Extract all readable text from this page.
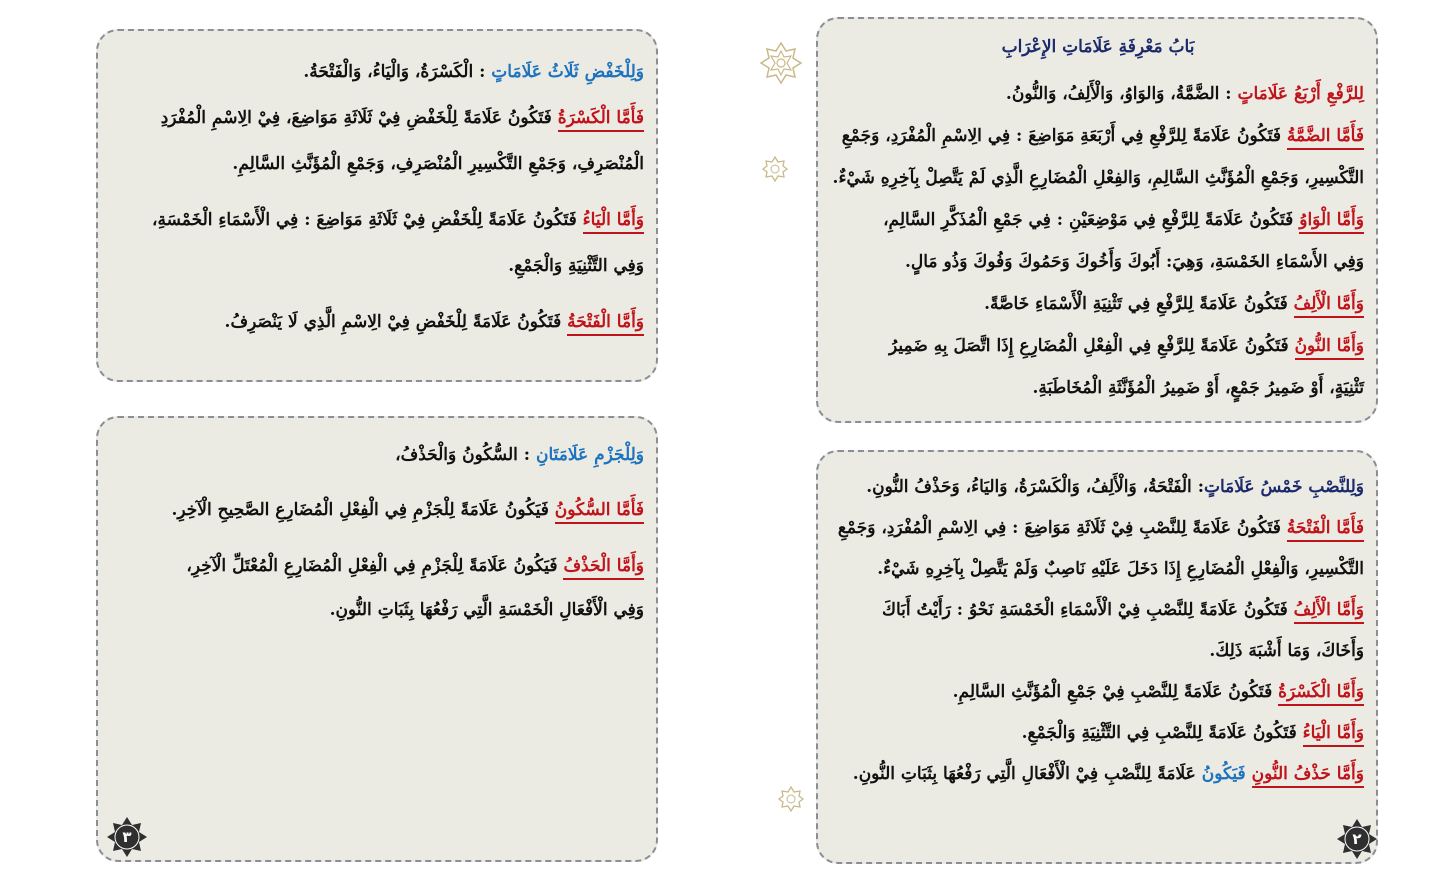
بَابُ مَعْرِفَةِ عَلَامَاتِ الإِعْرَابِ
لِلرَّفْعِ أَرْبَعُ عَلَامَاتٍ : الضَّمَّةُ، وَالوَاوُ، وَالْأَلِفُ، وَالنُّونُ.
فَأَمَّا الضَّمَّةُ فَتَكُونُ عَلَامَةً لِلرَّفْعِ فِي أَرْبَعَةِ مَوَاضِعَ : فِي الِاسْمِ الْمُفْرَدِ، وَجَمْعِ
التَّكْسِيرِ، وَجَمْعِ الْمُؤَنَّثِ السَّالِمِ، وَالفِعْلِ الْمُضَارِعِ الَّذِي لَمْ يَتَّصِلْ بِآخِرِهِ شَيْءٌ.
وَأَمَّا الْوَاوُ فَتَكُونُ عَلَامَةً لِلرَّفْعِ فِي مَوْضِعَيْنِ : فِي جَمْعِ الْمُذَكَّرِ السَّالِمِ،
وَفِي الأَسْمَاءِ الخَمْسَةِ، وَهِيَ: أَبُوكَ وَأَخُوكَ وَحَمُوكَ وَفُوكَ وَذُو مَالٍ.
وَأَمَّا الْأَلِفُ فَتَكُونُ عَلَامَةً لِلرَّفْعِ فِي تَثْنِيَةِ الْأَسْمَاءِ خَاصَّةً.
وَأَمَّا النُّونُ فَتَكُونُ عَلَامَةً لِلرَّفْعِ فِي الْفِعْلِ الْمُضَارِعِ إِذَا اتَّصَلَ بِهِ ضَمِيرُ
تَثْنِيَةٍ، أَوْ ضَمِيرُ جَمْعٍ، أَوْ ضَمِيرُ الْمُؤَنَّثَةِ الْمُخَاطَبَةِ.
وَلِلنَّصْبِ خَمْسُ عَلَامَاتٍ: الْفَتْحَةُ، وَالْأَلِفُ، وَالْكَسْرَةُ، وَاليَاءُ، وَحَذْفُ النُّونِ.
فَأَمَّا الْفَتْحَةُ فَتَكُونُ عَلَامَةً لِلنَّصْبِ فِيْ ثَلَاثَةِ مَوَاضِعَ : فِي الِاسْمِ الْمُفْرَدِ، وَجَمْعِ
التَّكْسِيرِ، وَالْفِعْلِ الْمُضَارِعِ إِذَا دَخَلَ عَلَيْهِ نَاصِبٌ وَلَمْ يَتَّصِلْ بِآخِرِهِ شَيْءٌ.
وَأَمَّا الْأَلِفُ فَتَكُونُ عَلَامَةً لِلنَّصْبِ فِيْ الْأَسْمَاءِ الْخَمْسَةِ نَحْوُ : رَأَيْتُ أَبَاكَ
وَأَخَاكَ، وَمَا أَشْبَهَ ذَلِكَ.
وَأَمَّا الْكَسْرَةُ فَتَكُونُ عَلَامَةً لِلنَّصْبِ فِيْ جَمْعِ الْمُؤَنَّثِ السَّالِمِ.
وَأَمَّا الْيَاءُ فَتَكُونُ عَلَامَةً لِلنَّصْبِ فِي التَّثْنِيَةِ وَالْجَمْعِ.
وَأَمَّا حَذْفُ النُّونِ فَيَكُونُ عَلَامَةً لِلنَّصْبِ فِيْ الْأَفْعَالِ الَّتِي رَفْعُهَا بِثَبَاتِ النُّونِ.
٢
وَلِلْخَفْضِ ثَلَاثُ عَلَامَاتٍ : الْكَسْرَةُ، وَالْيَاءُ، وَالْفَتْحَةُ.
فَأَمَّا الْكَسْرَةُ فَتَكُونُ عَلَامَةً لِلْخَفْضِ فِيْ ثَلَاثَةِ مَوَاضِعَ، فِيْ الِاسْمِ الْمُفْرَدِ
الْمُنْصَرِفِ، وَجَمْعِ التَّكْسِيرِ الْمُنْصَرِفِ، وَجَمْعِ الْمُؤَنَّثِ السَّالِمِ.
وَأَمَّا الْيَاءُ فَتَكُونُ عَلَامَةً لِلْخَفْضِ فِيْ ثَلَاثَةِ مَوَاضِعَ : فِي الْأَسْمَاءِ الْخَمْسَةِ،
وَفِي التَّثْنِيَةِ وَالْجَمْعِ.
وَأَمَّا الْفَتْحَةُ فَتَكُونُ عَلَامَةً لِلْخَفْضِ فِيْ الِاسْمِ الَّذِي لَا يَنْصَرِفُ.
وَلِلْجَزْمِ عَلَامَتَانِ : السُّكُونُ وَالْحَذْفُ،
فَأَمَّا السُّكُونُ فَيَكُونُ عَلَامَةً لِلْجَزْمِ فِي الْفِعْلِ الْمُضَارِعِ الصَّحِيحِ الْآخِرِ.
وَأَمَّا الْحَذْفُ فَيَكُونُ عَلَامَةً لِلْجَزْمِ فِي الْفِعْلِ الْمُضَارِعِ الْمُعْتَلِّ الْآخِرِ،
وَفِي الْأَفْعَالِ الْخَمْسَةِ الَّتِي رَفْعُهَا بِثَبَاتِ النُّونِ.
٣
